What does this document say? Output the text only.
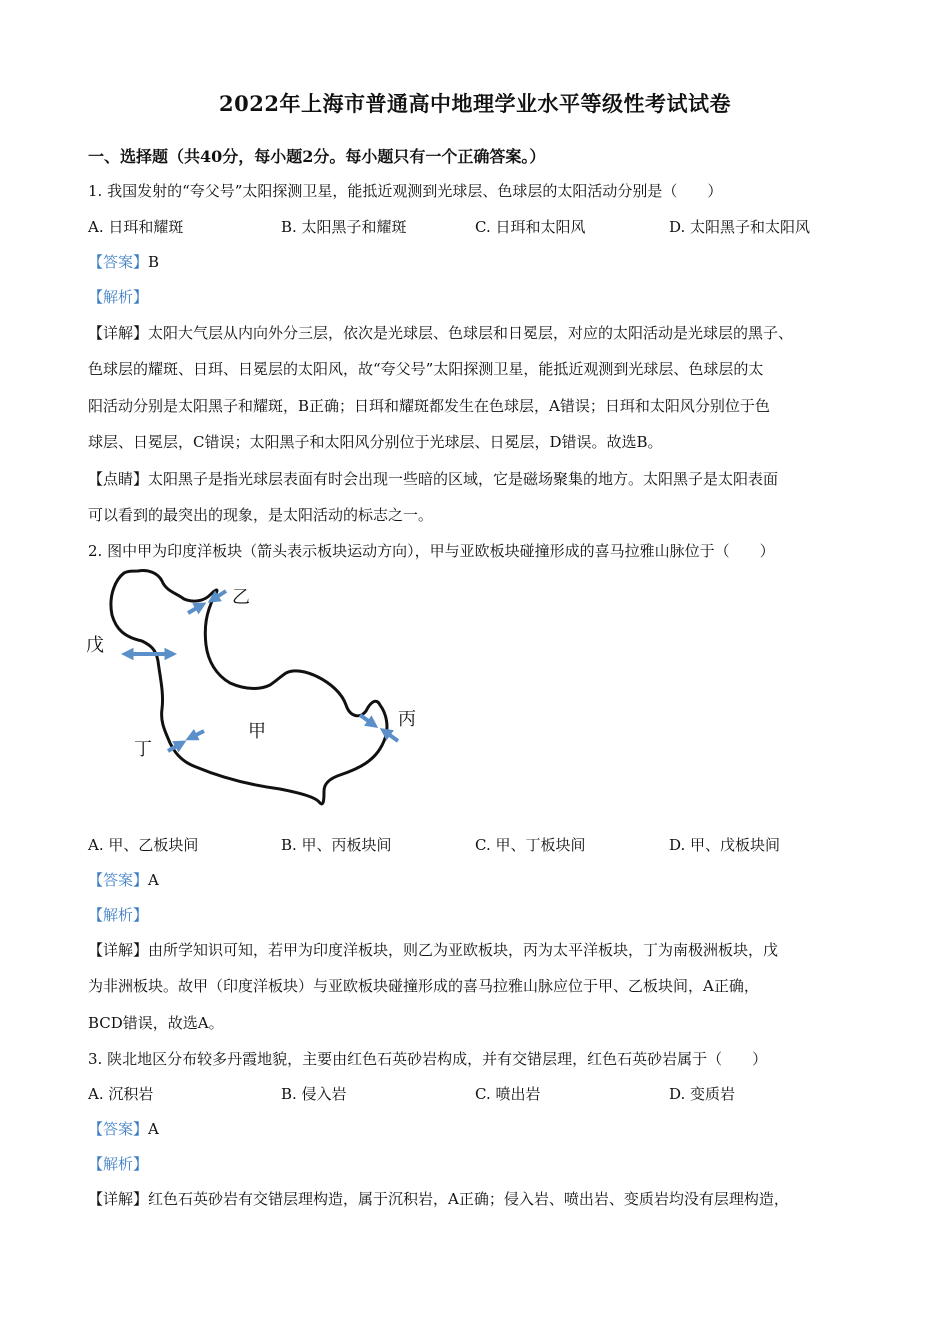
2022年上海市普通高中地理学业水平等级性考试试卷
一、选择题（共40分，每小题2分。每小题只有一个正确答案。）
1. 我国发射的“夸父号”太阳探测卫星，能抵近观测到光球层、色球层的太阳活动分别是（　　）
A. 日珥和耀斑	B. 太阳黑子和耀斑	C. 日珥和太阳风	D. 太阳黑子和太阳风
【答案】B
【解析】
【详解】太阳大气层从内向外分三层，依次是光球层、色球层和日冕层，对应的太阳活动是光球层的黑子、
色球层的耀斑、日珥、日冕层的太阳风，故“夸父号”太阳探测卫星，能抵近观测到光球层、色球层的太
阳活动分别是太阳黑子和耀斑，B正确；日珥和耀斑都发生在色球层，A错误；日珥和太阳风分别位于色
球层、日冕层，C错误；太阳黑子和太阳风分别位于光球层、日冕层，D错误。故选B。
【点睛】太阳黑子是指光球层表面有时会出现一些暗的区域，它是磁场聚集的地方。太阳黑子是太阳表面
可以看到的最突出的现象，是太阳活动的标志之一。
2. 图中甲为印度洋板块（箭头表示板块运动方向），甲与亚欧板块碰撞形成的喜马拉雅山脉位于（　　）
甲
乙
丙
丁
戊
A. 甲、乙板块间	B. 甲、丙板块间	C. 甲、丁板块间	D. 甲、戊板块间
【答案】A
【解析】
【详解】由所学知识可知，若甲为印度洋板块，则乙为亚欧板块，丙为太平洋板块，丁为南极洲板块，戊
为非洲板块。故甲（印度洋板块）与亚欧板块碰撞形成的喜马拉雅山脉应位于甲、乙板块间，A正确，
BCD错误，故选A。
3. 陕北地区分布较多丹霞地貌，主要由红色石英砂岩构成，并有交错层理，红色石英砂岩属于（　　）
A. 沉积岩	B. 侵入岩	C. 喷出岩	D. 变质岩
【答案】A
【解析】
【详解】红色石英砂岩有交错层理构造，属于沉积岩，A正确；侵入岩、喷出岩、变质岩均没有层理构造，
